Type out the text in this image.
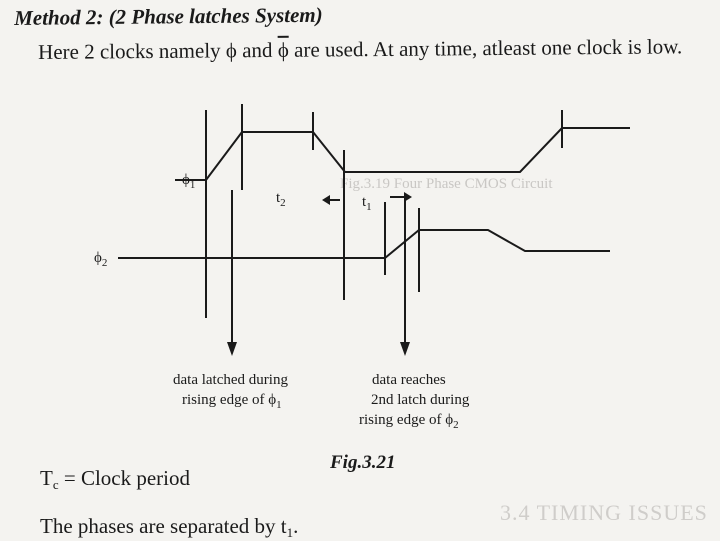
Fig.3.19 Four Phase CMOS Circuit
3.4 TIMING ISSUES
Method 2: (2 Phase latches System)
Here 2 clocks namely ϕ and $\overline{\phi}$ are used. At any time, atleast one clock is low.
$\phi_1$
$\phi_2$
$t_2$	$t_1$
data latched during
rising edge of $\phi_1$
data reaches
2nd latch during
rising edge of $\phi_2$
Fig.3.21
Tc = Clock period
The phases are separated by $t_1$.
